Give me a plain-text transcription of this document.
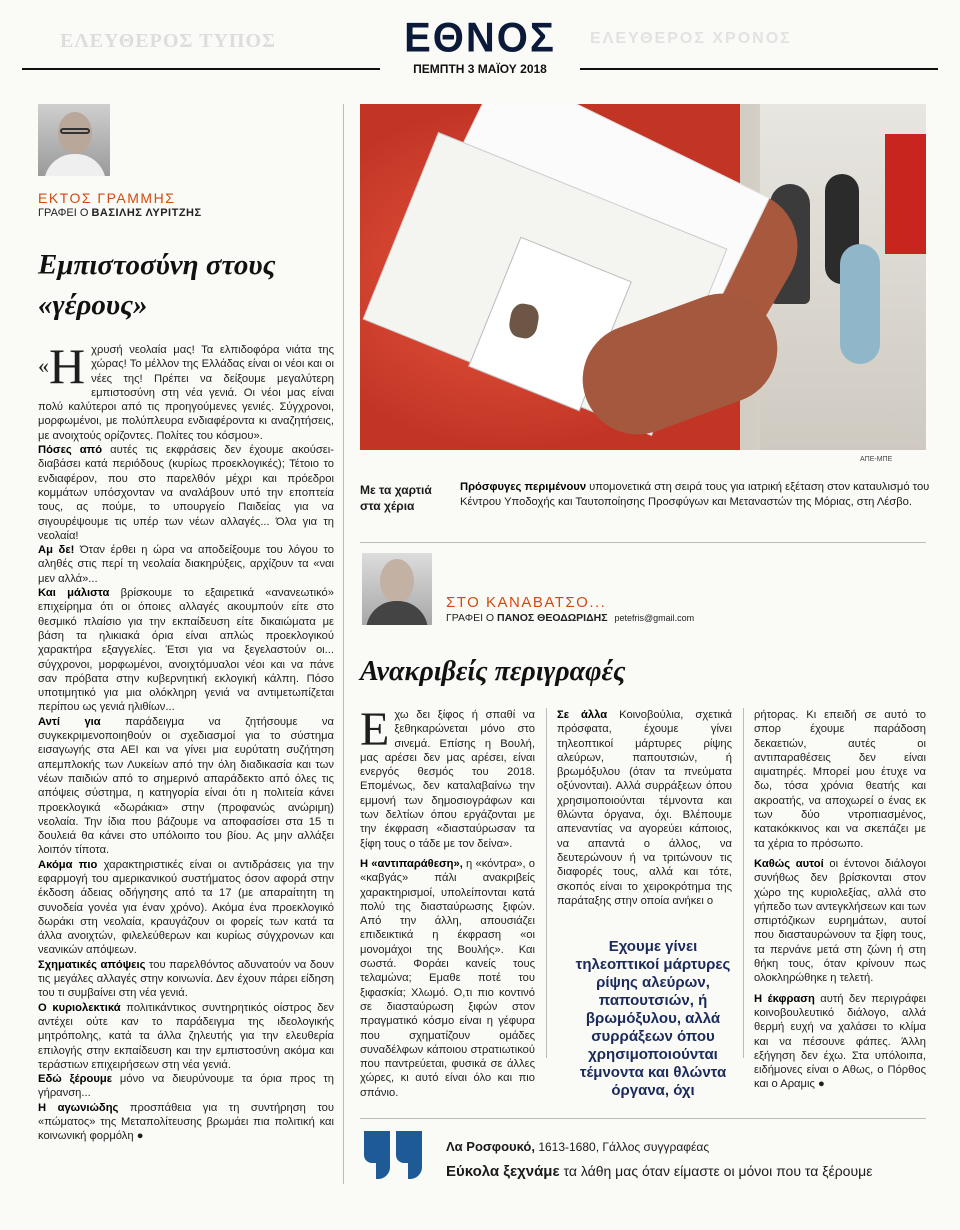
ΕΛΕΥΘΕΡΟΣ ΤΥΠΟΣ	ΕΛΕΥΘΕΡΟΣ ΧΡΟΝΟΣ
ΕΘΝΟΣ
ΠΕΜΠΤΗ 3 ΜΑΪΟΥ 2018
ΕΚΤΟΣ ΓΡΑΜΜΗΣ
ΓΡΑΦΕΙ Ο ΒΑΣΙΛΗΣ ΛΥΡΙΤΖΗΣ
Εμπιστοσύνη στους «γέρους»

«Η χρυσή νεολαία μας! Τα ελπιδοφόρα νιάτα της χώρας! Το μέλλον της Ελλάδας είναι οι νέοι και οι νέες της! Πρέπει να δείξουμε μεγαλύτερη εμπιστοσύνη στη νέα γενιά. Οι νέοι μας είναι πολύ καλύτεροι από τις προηγούμενες γενιές. Σύγχρονοι, μορφωμένοι, με πολύπλευρα ενδιαφέροντα κι αναζητήσεις, με ανοιχτούς ορίζοντες. Πολίτες του κόσμου».

Πόσες από αυτές τις εκφράσεις δεν έχουμε ακούσει-διαβάσει κατά περιόδους (κυρίως προεκλογικές); Τέτοιο το ενδιαφέρον, που στο παρελθόν μέχρι και πρόεδροι κομμάτων υπόσχονταν να αναλάβουν υπό την εποπτεία τους, ας πούμε, το υπουργείο Παιδείας για να σιγουρέψουμε τις υπέρ των νέων αλλαγές... Όλα για τη νεολαία!

Αμ δε! Όταν έρθει η ώρα να αποδείξουμε του λόγου το αληθές στις περί τη νεολαία διακηρύξεις, αρχίζουν τα «ναι μεν αλλά»...

Και μάλιστα βρίσκουμε το εξαιρετικά «ανανεωτικό» επιχείρημα ότι οι όποιες αλλαγές ακουμπούν είτε στο θεσμικό πλαίσιο για την εκπαίδευση είτε δικαιώματα με βάση τα ηλικιακά όρια είναι απλώς προεκλογικού χαρακτήρα εξαγγελίες. Έτσι για να ξεγελαστούν οι... σύγχρονοι, μορφωμένοι, ανοιχτόμυαλοι νέοι και να πάνε σαν πρόβατα στην κυβερνητική εκλογική κάλπη. Πόσο υποτιμητικό για μια ολόκληρη γενιά να αντιμετωπίζεται περίπου ως γενιά ηλιθίων...

Αντί για παράδειγμα να ζητήσουμε να συγκεκριμενοποιηθούν οι σχεδιασμοί για το σύστημα εισαγωγής στα ΑΕΙ και να γίνει μια ευρύτατη συζήτηση απεμπλοκής των Λυκείων από την όλη διαδικασία και των νέων παιδιών από το σημερινό απαράδεκτο από όλες τις απόψεις σύστημα, η κατηγορία είναι ότι η πολιτεία κάνει προεκλογικά «δωράκια» στην (προφανώς ανώριμη) νεολαία. Την ίδια που βάζουμε να αποφασίσει στα 15 τι δουλειά θα κάνει στο υπόλοιπο του βίου. Ας μην αλλάξει λοιπόν τίποτα.

Ακόμα πιο χαρακτηριστικές είναι οι αντιδράσεις για την εφαρμογή του αμερικανικού συστήματος όσον αφορά στην έκδοση άδειας οδήγησης από τα 17 (με απαραίτητη τη συνοδεία γονέα για έναν χρόνο). Ακόμα ένα προεκλογικό δωράκι στη νεολαία, κραυγάζουν οι φορείς των κατά τα άλλα ανοιχτών, φιλελεύθερων και κυρίως σύγχρονων και νεανικών απόψεων.

Σχηματικές απόψεις του παρελθόντος αδυνατούν να δουν τις μεγάλες αλλαγές στην κοινωνία. Δεν έχουν πάρει είδηση του τι συμβαίνει στη νέα γενιά.

Ο κυριολεκτικά πολιτικάντικος συντηρητικός οίστρος δεν αντέχει ούτε καν το παράδειγμα της ιδεολογικής μητρόπολης, κατά τα άλλα ζηλευτής για την ελευθερία επιλογής στην εκπαίδευση και την εμπιστοσύνη ακόμα και τεράστιων επιχειρήσεων στη νέα γενιά.

Εδώ ξέρουμε μόνο να διευρύνουμε τα όρια προς τη γήρανση...

Η αγωνιώδης προσπάθεια για τη συντήρηση του «πώματος» της Μεταπολίτευσης βρωμάει πια πολιτική και κοινωνική φορμόλη ●

ΑΠΕ-ΜΠΕ
Με τα χαρτιά στα χέρια
Πρόσφυγες περιμένουν υπομονετικά στη σειρά τους για ιατρική εξέταση στον καταυλισμό του Κέντρου Υποδοχής και Ταυτοποίησης Προσφύγων και Μεταναστών της Μόριας, στη Λέσβο.
ΣΤΟ ΚΑΝΑΒΑΤΣΟ...
ΓΡΑΦΕΙ Ο ΠΑΝΟΣ ΘΕΟΔΩΡΙΔΗΣ petefris@gmail.com
Ανακριβείς περιγραφές

Εχω δει ξίφος ή σπαθί να ξεθηκαρώνεται μόνο στο σινεμά. Επίσης η Βουλή, μας αρέσει δεν μας αρέσει, είναι ενεργός θεσμός του 2018. Επομένως, δεν καταλαβαίνω την εμμονή των δημοσιογράφων και των δελτίων όπου εργάζονται με την έκφραση «διασταύρωσαν τα ξίφη τους ο τάδε με τον δείνα».

Η «αντιπαράθεση», η «κόντρα», ο «καβγάς» πάλι ανακριβείς χαρακτηρισμοί, υπολείπονται κατά πολύ της διασταύρωσης ξιφών. Από την άλλη, απουσιάζει επιδεικτικά η έκφραση «οι μονομάχοι της Βουλής». Και σωστά. Φοράει κανείς τους τελαμώνα; Εμαθε ποτέ του ξιφασκία; Χλωμό. Ο,τι πιο κοντινό σε διασταύρωση ξιφών στον πραγματικό κόσμο είναι η γέφυρα που σχηματίζουν ομάδες συναδέλφων κάποιου στρατιωτικού που παντρεύεται, φυσικά σε άλλες χώρες, κι αυτό είναι όλο και πιο σπάνιο.

Σε άλλα Κοινοβούλια, σχετικά πρόσφατα, έχουμε γίνει τηλεοπτικοί μάρτυρες ρίψης αλεύρων, παπουτσιών, ή βρωμόξυλου (όταν τα πνεύματα οξύνονται). Αλλά συρράξεων όπου χρησιμοποιούνται τέμνοντα και θλώντα όργανα, όχι. Βλέπουμε απεναντίας να αγορεύει κάποιος, να απαντά ο άλλος, να δευτερώνουν ή να τριτώνουν τις διαφορές τους, αλλά και τότε, σκοπός είναι το χειροκρότημα της παράταξης στην οποία ανήκει ο

Εχουμε γίνει τηλεοπτικοί μάρτυρες ρίψης αλεύρων, παπουτσιών, ή βρωμόξυλου, αλλά συρράξεων όπου χρησιμοποιούνται τέμνοντα και θλώντα όργανα, όχι

ρήτορας. Κι επειδή σε αυτό το σπορ έχουμε παράδοση δεκαετιών, αυτές οι αντιπαραθέσεις δεν είναι αιματηρές. Μπορεί μου έτυχε να δω, τόσα χρόνια θεατής και ακροατής, να αποχωρεί ο ένας εκ των δύο ντροπιασμένος, κατακόκκινος και να σκεπάζει με τα χέρια το πρόσωπο.

Καθώς αυτοί οι έντονοι διάλογοι συνήθως δεν βρίσκονται στον χώρο της κυριολεξίας, αλλά στο γήπεδο των αντεγκλήσεων και των σπιρτόζικων ευρημάτων, αυτοί που διασταυρώνουν τα ξίφη τους, τα περνάνε μετά στη ζώνη ή στη θήκη τους, όταν κρίνουν πως ολοκληρώθηκε η τελετή.

Η έκφραση αυτή δεν περιγράφει κοινοβουλευτικό διάλογο, αλλά θερμή ευχή να χαλάσει το κλίμα και να πέσουνε φάπες. Άλλη εξήγηση δεν έχω. Στα υπόλοιπα, ειδήμονες είναι ο Αθως, ο Πόρθος και ο Αραμις ●

Λα Ροσφουκό, 1613-1680, Γάλλος συγγραφέας
Εύκολα ξεχνάμε τα λάθη μας όταν είμαστε οι μόνοι που τα ξέρουμε
